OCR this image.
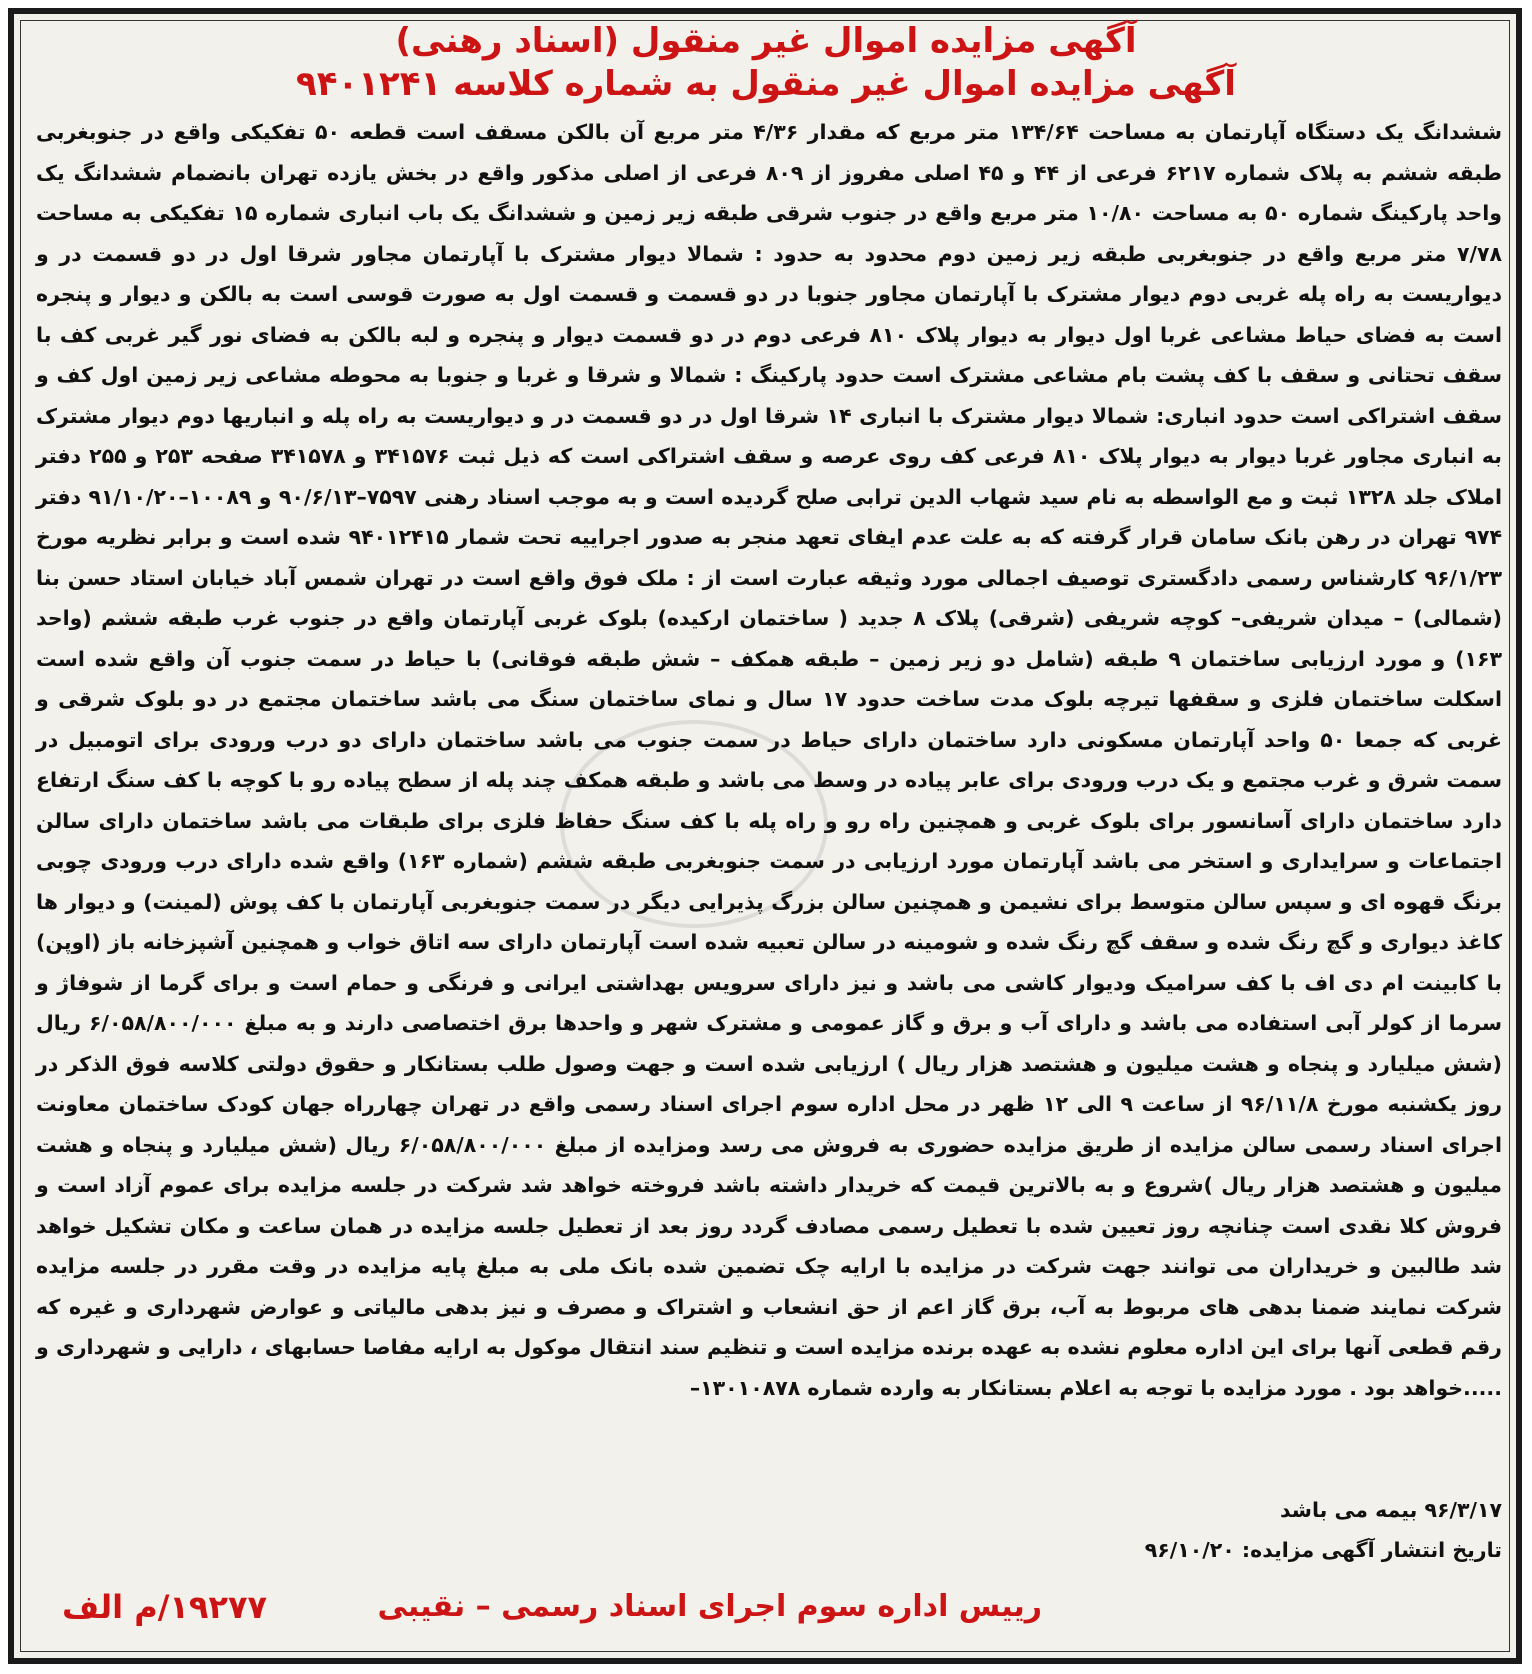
آگهی مزایده اموال غیر منقول (اسناد رهنی)
آگهی مزایده اموال غیر منقول به شماره کلاسه ۹۴۰۱۲۴۱
ششدانگ یک دستگاه آپارتمان به مساحت ۱۳۴/۶۴ متر مربع که مقدار ۴/۳۶ متر مربع آن بالکن مسقف است قطعه ۵۰ تفکیکی واقع در جنوبغربی طبقه ششم به پلاک شماره ۶۲۱۷ فرعی از ۴۴ و ۴۵ اصلی مفروز از ۸۰۹ فرعی از اصلی مذکور واقع در بخش یازده تهران بانضمام ششدانگ یک واحد پارکینگ شماره ۵۰ به مساحت ۱۰/۸۰ متر مربع واقع در جنوب شرقی طبقه زیر زمین و ششدانگ یک باب انباری شماره ۱۵ تفکیکی به مساحت ۷/۷۸ متر مربع واقع در جنوبغربی طبقه زیر زمین دوم محدود به حدود : شمالا دیوار مشترک با آپارتمان مجاور شرقا اول در دو قسمت در و دیواریست به راه پله غربی دوم دیوار مشترک با آپارتمان مجاور جنوبا در دو قسمت و قسمت اول به صورت قوسی است به بالکن و دیوار و پنجره است به فضای حیاط مشاعی غربا اول دیوار به دیوار پلاک ۸۱۰ فرعی دوم در دو قسمت دیوار و پنجره و لبه بالکن به فضای نور گیر غربی کف با سقف تحتانی و سقف با کف پشت بام مشاعی مشترک است حدود پارکینگ : شمالا و شرقا و غربا و جنوبا به محوطه مشاعی زیر زمین اول کف و سقف اشتراکی است حدود انباری: شمالا دیوار مشترک با انباری ۱۴ شرقا اول در دو قسمت در و دیواریست به راه پله و انباریها دوم دیوار مشترک به انباری مجاور غربا دیوار به دیوار پلاک ۸۱۰ فرعی کف روی عرصه و سقف اشتراکی است که ذیل ثبت ۳۴۱۵۷۶ و ۳۴۱۵۷۸ صفحه ۲۵۳ و ۲۵۵ دفتر املاک جلد ۱۳۲۸ ثبت و مع الواسطه به نام سید شهاب الدین ترابی صلح گردیده است و به موجب اسناد رهنی ۷۵۹۷–۹۰/۶/۱۳ و ۱۰۰۸۹–۹۱/۱۰/۲۰ دفتر ۹۷۴ تهران در رهن بانک سامان قرار گرفته که به علت عدم ایفای تعهد منجر به صدور اجراییه تحت شمار ۹۴۰۱۲۴۱۵ شده است و برابر نظریه مورخ ۹۶/۱/۲۳ کارشناس رسمی دادگستری توصیف اجمالی مورد وثیقه عبارت است از : ملک فوق واقع است در تهران شمس آباد خیابان استاد حسن بنا (شمالی) – میدان شریفی– کوچه شریفی (شرقی) پلاک ۸ جدید ( ساختمان ارکیده) بلوک غربی آپارتمان واقع در جنوب غرب طبقه ششم (واحد ۱۶۳) و مورد ارزیابی ساختمان ۹ طبقه (شامل دو زیر زمین – طبقه همکف – شش طبقه فوقانی) با حیاط در سمت جنوب آن واقع شده است اسکلت ساختمان فلزی و سقفها تیرچه بلوک مدت ساخت حدود ۱۷ سال و نمای ساختمان سنگ می باشد ساختمان مجتمع در دو بلوک شرقی و غربی که جمعا ۵۰ واحد آپارتمان مسکونی دارد ساختمان دارای حیاط در سمت جنوب می باشد ساختمان دارای دو درب ورودی برای اتومبیل در سمت شرق و غرب مجتمع و یک درب ورودی برای عابر پیاده در وسط می باشد و طبقه همکف چند پله از سطح پیاده رو با کوچه با کف سنگ ارتفاع دارد ساختمان دارای آسانسور برای بلوک غربی و همچنین راه رو و راه پله با کف سنگ حفاظ فلزی برای طبقات می باشد ساختمان دارای سالن اجتماعات و سرایداری و استخر می باشد آپارتمان مورد ارزیابی در سمت جنوبغربی طبقه ششم (شماره ۱۶۳) واقع شده دارای درب ورودی چوبی برنگ قهوه ای و سپس سالن متوسط برای نشیمن و همچنین سالن بزرگ پذیرایی دیگر در سمت جنوبغربی آپارتمان با کف پوش (لمینت) و دیوار ها کاغذ دیواری و گچ رنگ شده و سقف گچ رنگ شده و شومینه در سالن تعبیه شده است آپارتمان دارای سه اتاق خواب و همچنین آشپزخانه باز (اوپن) با کابینت ام دی اف با کف سرامیک ودیوار کاشی می باشد و نیز دارای سرویس بهداشتی ایرانی و فرنگی و حمام است و برای گرما از شوفاژ و سرما از کولر آبی استفاده می باشد و دارای آب و برق و گاز عمومی و مشترک شهر و واحدها برق اختصاصی دارند و به مبلغ ۶/۰۵۸/۸۰۰/۰۰۰ ریال (شش میلیارد و پنجاه و هشت میلیون و هشتصد هزار ریال ) ارزیابی شده است و جهت وصول طلب بستانکار و حقوق دولتی کلاسه فوق الذکر در روز یکشنبه مورخ ۹۶/۱۱/۸ از ساعت ۹ الی ۱۲ ظهر در محل اداره سوم اجرای اسناد رسمی واقع در تهران چهارراه جهان کودک ساختمان معاونت اجرای اسناد رسمی سالن مزایده از طریق مزایده حضوری به فروش می رسد ومزایده از مبلغ ۶/۰۵۸/۸۰۰/۰۰۰ ریال (شش میلیارد و پنجاه و هشت میلیون و هشتصد هزار ریال )شروع و به بالاترین قیمت که خریدار داشته باشد فروخته خواهد شد شرکت در جلسه مزایده برای عموم آزاد است و فروش کلا نقدی است چنانچه روز تعیین شده با تعطیل رسمی مصادف گردد روز بعد از تعطیل جلسه مزایده در همان ساعت و مکان تشکیل خواهد شد طالبین و خریداران می توانند جهت شرکت در مزایده با ارایه چک تضمین شده بانک ملی به مبلغ پایه مزایده در وقت مقرر در جلسه مزایده شرکت نمایند ضمنا بدهی های مربوط به آب، برق گاز اعم از حق انشعاب و اشتراک و مصرف و نیز بدهی مالیاتی و عوارض شهرداری و غیره که رقم قطعی آنها برای این اداره معلوم نشده به عهده برنده مزایده است و تنظیم سند انتقال موکول به ارایه مفاصا حسابهای ، دارایی و شهرداری و .....خواهد بود . مورد مزایده با توجه به اعلام بستانکار به وارده شماره ۱۳۰۱۰۸۷۸–
۹۶/۳/۱۷ بیمه می باشد
تاریخ انتشار آگهی مزایده: ۹۶/۱۰/۲۰
رییس اداره سوم اجرای اسناد رسمی – نقیبی
۱۹۲۷۷/م الف
